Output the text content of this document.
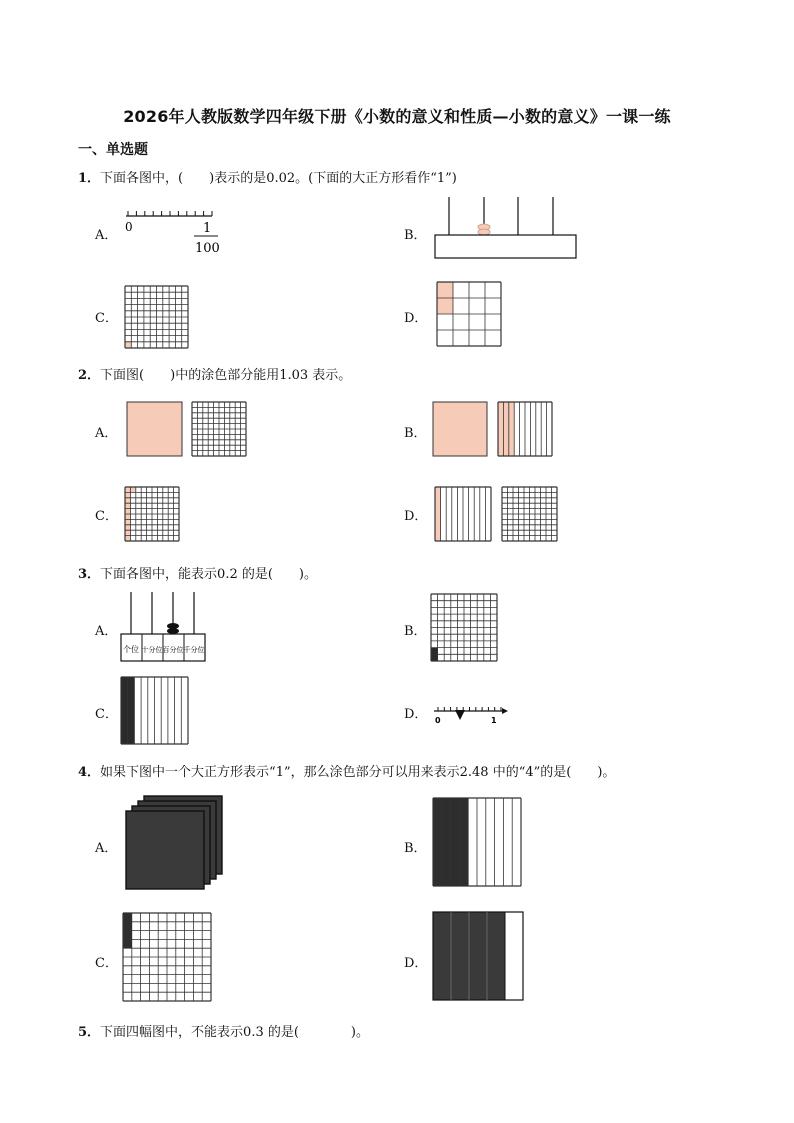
2026年人教版数学四年级下册《小数的意义和性质—小数的意义》一课一练
一、单选题
1．下面各图中，(　　)表示的是0.02。(下面的大正方形看作“1”)
A．	B．
C．	D．
0	1
100
2．下面图(　　)中的涂色部分能用1.03 表示。
A．	B．
C．	D．
3．下面各图中，能表示0.2 的是(　　)。
A．	B．
C．	D．
个位 十分位 百分位 千分位
0	1
4．如果下图中一个大正方形表示“1”，那么涂色部分可以用来表示2.48 中的“4”的是(　　)。
A．	B．
C．	D．
5．下面四幅图中，不能表示0.3 的是(　　　　)。
